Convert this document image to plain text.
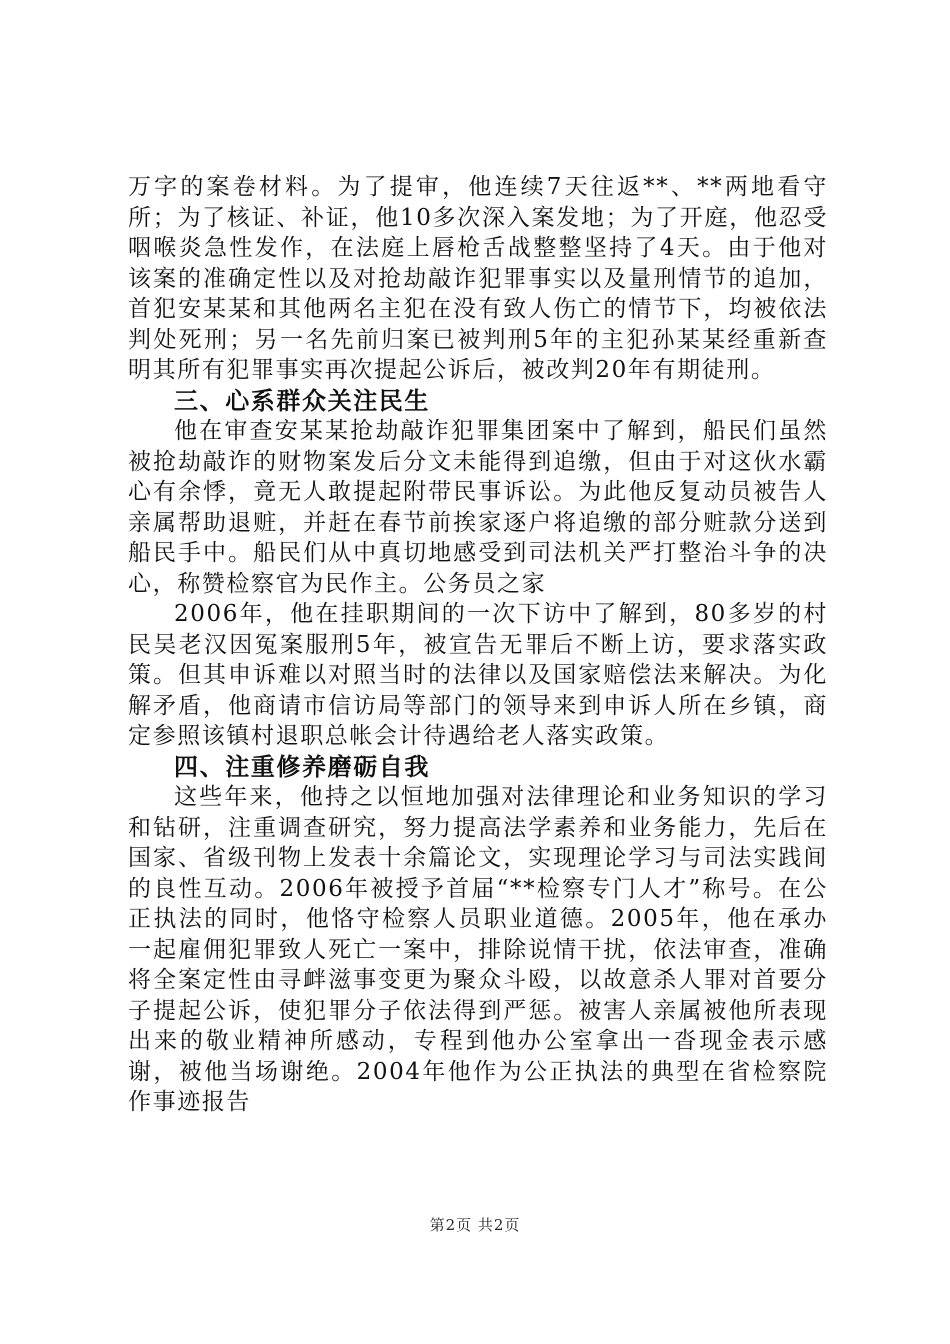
万字的案卷材料。为了提审，他连续7天往返**、**两地看守所；为了核证、补证，他10多次深入案发地；为了开庭，他忍受咽喉炎急性发作，在法庭上唇枪舌战整整坚持了4天。由于他对该案的准确定性以及对抢劫敲诈犯罪事实以及量刑情节的追加，首犯安某某和其他两名主犯在没有致人伤亡的情节下，均被依法判处死刑；另一名先前归案已被判刑5年的主犯孙某某经重新查明其所有犯罪事实再次提起公诉后，被改判20年有期徒刑。

三、心系群众关注民生

他在审查安某某抢劫敲诈犯罪集团案中了解到，船民们虽然被抢劫敲诈的财物案发后分文未能得到追缴，但由于对这伙水霸心有余悸，竟无人敢提起附带民事诉讼。为此他反复动员被告人亲属帮助退赃，并赶在春节前挨家逐户将追缴的部分赃款分送到船民手中。船民们从中真切地感受到司法机关严打整治斗争的决心，称赞检察官为民作主。公务员之家

2006年，他在挂职期间的一次下访中了解到，80多岁的村民吴老汉因冤案服刑5年，被宣告无罪后不断上访，要求落实政策。但其申诉难以对照当时的法律以及国家赔偿法来解决。为化解矛盾，他商请市信访局等部门的领导来到申诉人所在乡镇，商定参照该镇村退职总帐会计待遇给老人落实政策。

四、注重修养磨砺自我

这些年来，他持之以恒地加强对法律理论和业务知识的学习和钻研，注重调查研究，努力提高法学素养和业务能力，先后在国家、省级刊物上发表十余篇论文，实现理论学习与司法实践间的良性互动。2006年被授予首届“**检察专门人才”称号。在公正执法的同时，他恪守检察人员职业道德。2005年，他在承办一起雇佣犯罪致人死亡一案中，排除说情干扰，依法审查，准确将全案定性由寻衅滋事变更为聚众斗殴，以故意杀人罪对首要分子提起公诉，使犯罪分子依法得到严惩。被害人亲属被他所表现出来的敬业精神所感动，专程到他办公室拿出一沓现金表示感谢，被他当场谢绝。2004年他作为公正执法的典型在省检察院作事迹报告

第2页 共2页
